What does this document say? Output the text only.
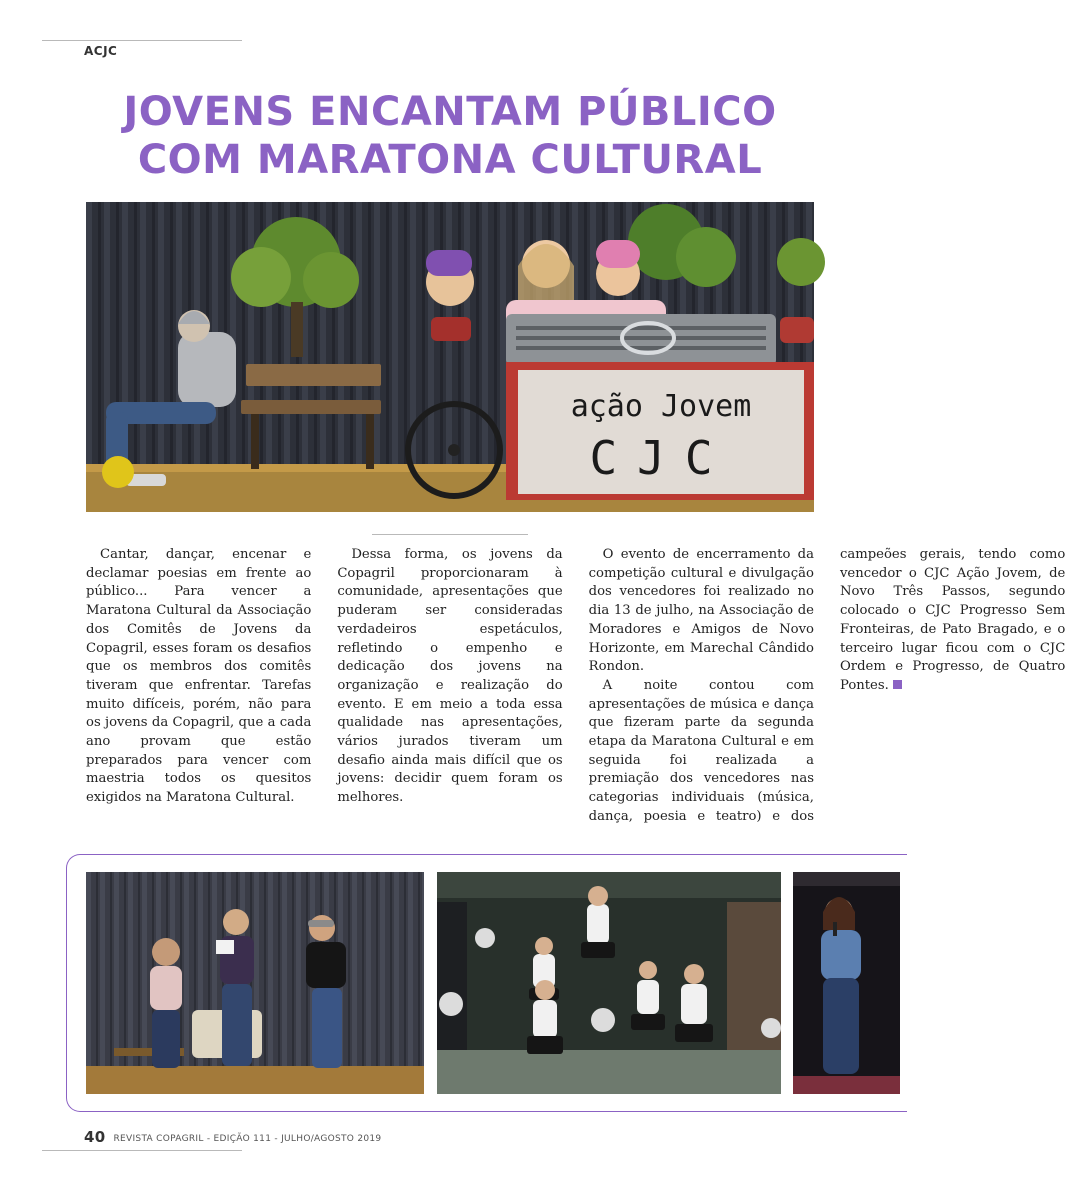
ACJC
JOVENS ENCANTAM PÚBLICO
COM MARATONA CULTURAL
ação Jovem
CJC

Cantar, dançar, encenar e declamar poesias em frente ao público... Para vencer a Maratona Cultural da Associação dos Comitês de Jovens da Copagril, esses foram os desafios que os membros dos comitês tiveram que enfrentar. Tarefas muito difíceis, porém, não para os jovens da Copagril, que a cada ano provam que estão preparados para vencer com maestria todos os quesitos exigidos na Maratona Cultural.

Dessa forma, os jovens da Copagril proporcionaram à comunidade, apresentações que puderam ser consideradas verdadeiros espetáculos, refletindo o empenho e dedicação dos jovens na organização e realização do evento. E em meio a toda essa qualidade nas apresentações, vários jurados tiveram um desafio ainda mais difícil que os jovens: decidir quem foram os melhores.

O evento de encerramento da competição cultural e divulgação dos vencedores foi realizado no dia 13 de julho, na Associação de Moradores e Amigos de Novo Horizonte, em Marechal Cândido Rondon.

A noite contou com apresentações de música e dança que fizeram parte da segunda etapa da Maratona Cultural e em seguida foi realizada a premiação dos vencedores nas categorias individuais (música, dança, poesia e teatro) e dos campeões gerais, tendo como vencedor o CJC Ação Jovem, de Novo Três Passos, segundo colocado o CJC Progresso Sem Fronteiras, de Pato Bragado, e o terceiro lugar ficou com o CJC Ordem e Progresso, de Quatro Pontes.

40 REVISTA COPAGRIL - EDIÇÃO 111 - JULHO/AGOSTO 2019
